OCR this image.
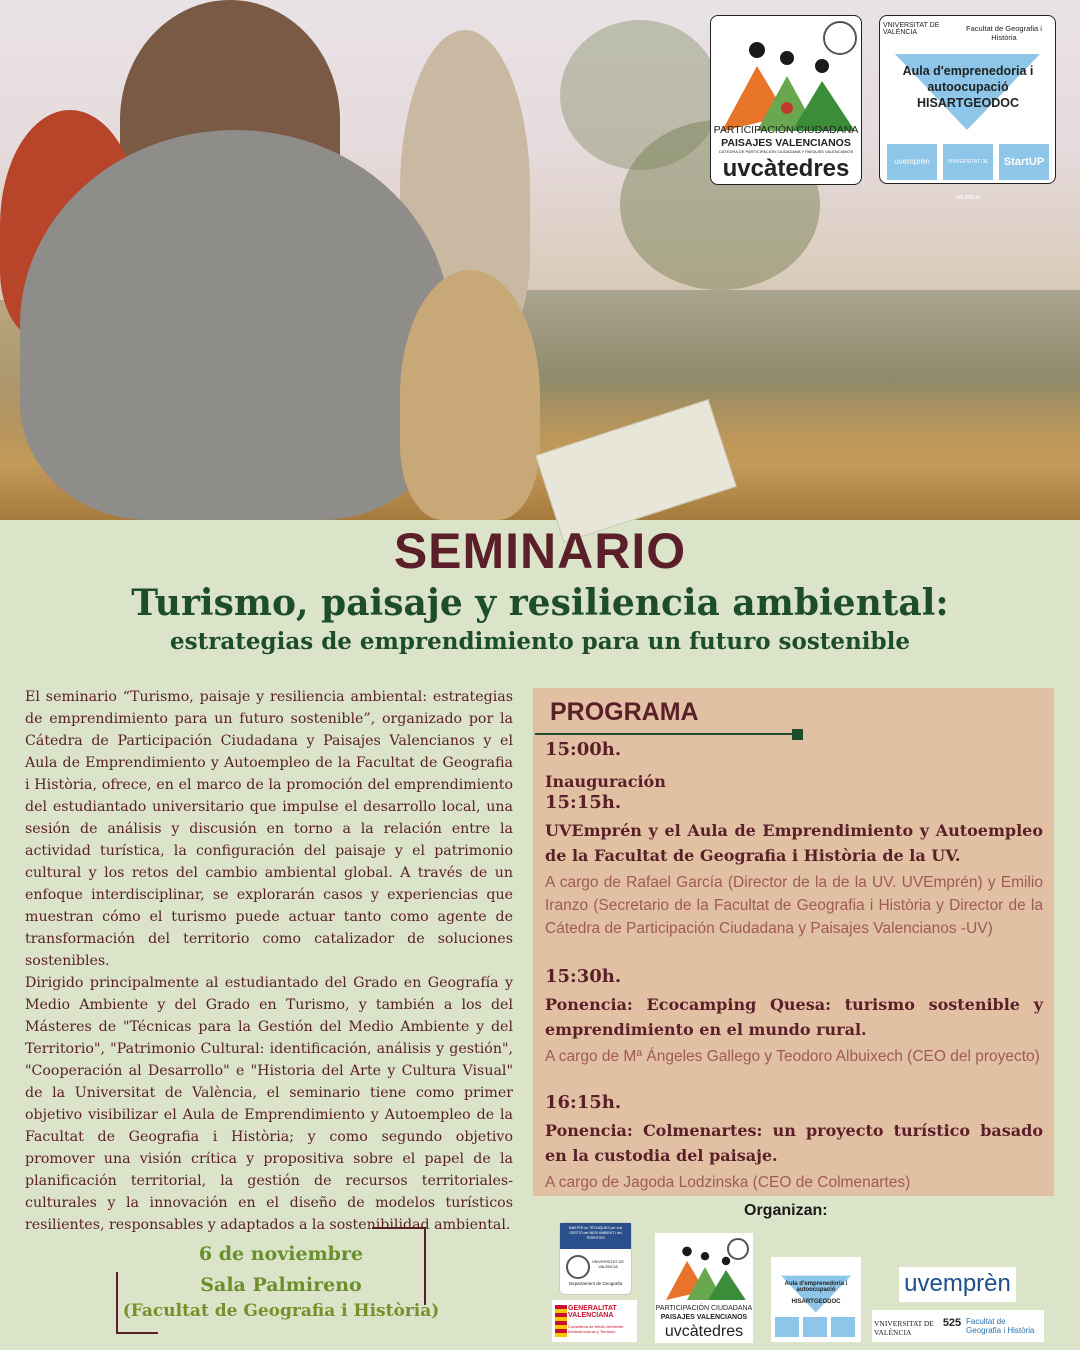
PARTICIPACIÓN CIUDADANA
PAISAJES VALENCIANOS
CÀTEDRA DE PARTICIPACIÓN CIUDADANA Y PAISAJES VALENCIANOS
uvcàtedres
VNIVERSITAT DE VALÈNCIA	Facultat de Geografia i Història
Aula d'emprenedoria i autoocupació
HISARTGEODOC
uvemprèn	VNIVERSITAT DE VALÈNCIA
StartUP
SEMINARIO
Turismo, paisaje y resiliencia ambiental:
estrategias de emprendimiento para un futuro sostenible

El seminario “Turismo, paisaje y resiliencia ambiental: estrategias de emprendimiento para un futuro sostenible”, organizado por la Cátedra de Participación Ciudadana y Paisajes Valencianos y el Aula de Emprendimiento y Autoempleo de la Facultat de Geografia i Història, ofrece, en el marco de la promoción del emprendimiento del estudiantado universitario que impulse el desarrollo local, una sesión de análisis y discusión en torno a la relación entre la actividad turística, la configuración del paisaje y el patrimonio cultural y los retos del cambio ambiental global. A través de un enfoque interdisciplinar, se explorarán casos y experiencias que muestran cómo el turismo puede actuar tanto como agente de transformación del territorio como catalizador de soluciones sostenibles.

Dirigido principalmente al estudiantado del Grado en Geografía y Medio Ambiente y del Grado en Turismo, y también a los del Másteres de "Técnicas para la Gestión del Medio Ambiente y del Territorio", "Patrimonio Cultural: identificación, análisis y gestión", "Cooperación al Desarrollo" e "Historia del Arte y Cultura Visual" de la Universitat de València, el seminario tiene como primer objetivo visibilizar el Aula de Emprendimiento y Autoempleo de la Facultat de Geografia i Història; y como segundo objetivo promover una visión crítica y propositiva sobre el papel de la planificación territorial, la gestión de recursos territoriales-culturales y la innovación en el diseño de modelos turísticos resilientes, responsables y adaptados a la sostenibilidad ambiental.

PROGRAMA

15:00h.

Inauguración

15:15h.

UVEmprén y el Aula de Emprendimiento y Autoempleo de la Facultat de Geografia i Història de la UV.

A cargo de Rafael García (Director de la de la UV. UVEmprén) y Emilio Iranzo (Secretario de la Facultat de Geografia i Història y Director de la Cátedra de Participación Ciudadana y Paisajes Valencianos -UV)

15:30h.

Ponencia: Ecocamping Quesa: turismo sostenible y emprendimiento en el mundo rural.

A cargo de Mª Ángeles Gallego y Teodoro Albuixech (CEO del proyecto)

16:15h.

Ponencia: Colmenartes: un proyecto turístico basado en la custodia del paisaje.

A cargo de Jagoda Lodzinska (CEO de Colmenartes)

Organizan:

6 de noviembre

Sala Palmireno

(Facultat de Geografia i Història)

MÀSTER en TÈCNIQUES per a la GESTIÓ del MEDI AMBIENT i del TERRITORI
VNIVERSITAT DE VALÈNCIA
Departament de Geografia
GENERALITAT VALENCIANA
Conselleria de Medio Ambiente, Infraestructuras y Territorio
PARTICIPACIÓN CIUDADANA
PAISAJES VALENCIANOS
uvcàtedres
Aula d'emprenedoria i autoocupació
HISARTGEODOC
uvemprèn
VNIVERSITAT DE VALÈNCIA
525 Facultat de Geografia i Història
